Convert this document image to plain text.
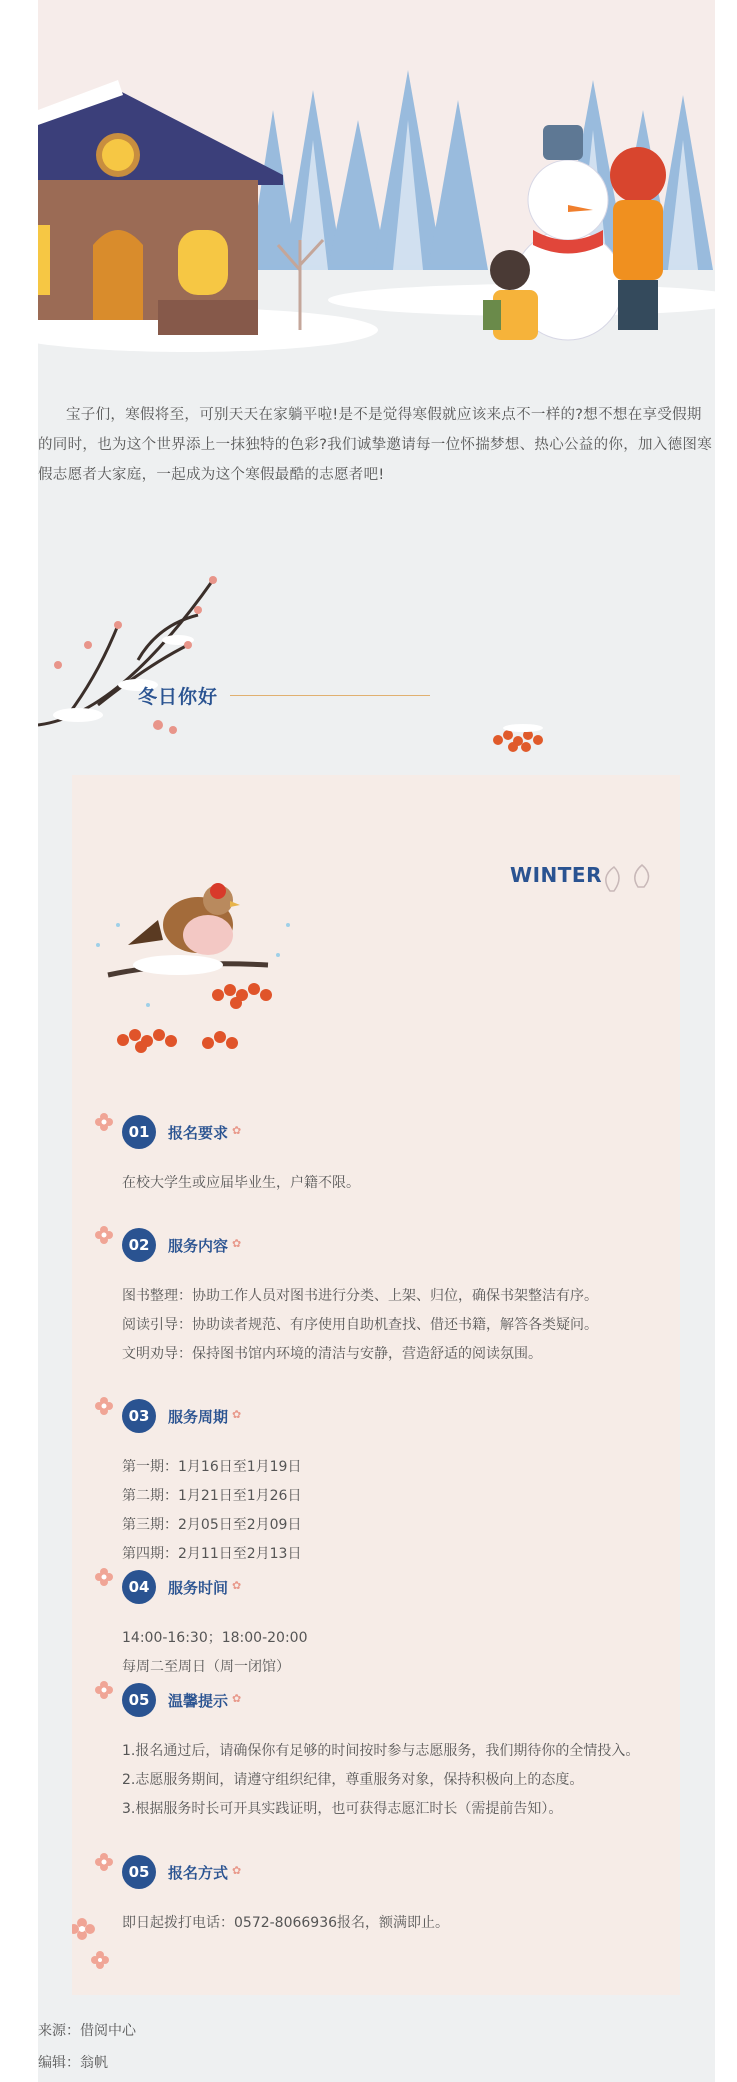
宝子们，寒假将至，可别天天在家躺平啦!是不是觉得寒假就应该来点不一样的?想不想在享受假期的同时，也为这个世界添上一抹独特的色彩?我们诚挚邀请每一位怀揣梦想、热心公益的你，加入德图寒假志愿者大家庭，一起成为这个寒假最酷的志愿者吧!
冬日你好
WINTER
01	报名要求 ✿

在校大学生或应届毕业生，户籍不限。

02	服务内容 ✿

图书整理：协助工作人员对图书进行分类、上架、归位，确保书架整洁有序。

阅读引导：协助读者规范、有序使用自助机查找、借还书籍，解答各类疑问。

文明劝导：保持图书馆内环境的清洁与安静，营造舒适的阅读氛围。

03	服务周期 ✿

第一期：1月16日至1月19日

第二期：1月21日至1月26日

第三期：2月05日至2月09日

第四期：2月11日至2月13日

04	服务时间 ✿

14:00-16:30；18:00-20:00

每周二至周日（周一闭馆）

05	温馨提示 ✿

1.报名通过后，请确保你有足够的时间按时参与志愿服务，我们期待你的全情投入。

2.志愿服务期间，请遵守组织纪律，尊重服务对象，保持积极向上的态度。

3.根据服务时长可开具实践证明，也可获得志愿汇时长（需提前告知）。

05	报名方式 ✿

即日起拨打电话：0572-8066936报名，额满即止。

来源：借阅中心
编辑：翁帆
